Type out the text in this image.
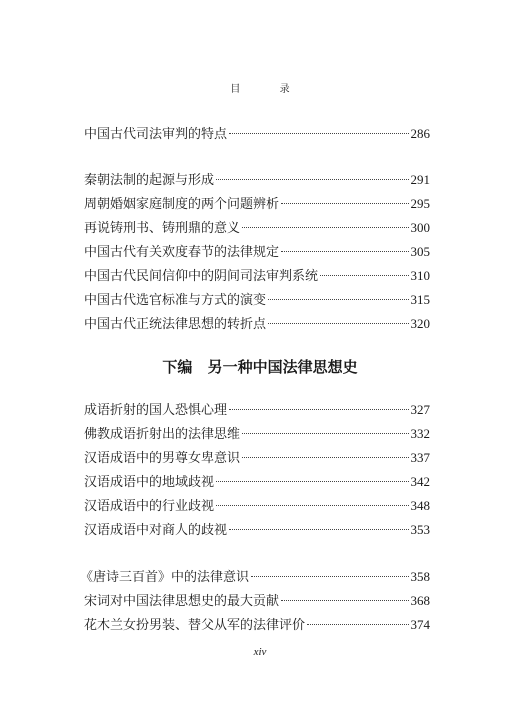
目 录
中国古代司法审判的特点	286
秦朝法制的起源与形成	291
周朝婚姻家庭制度的两个问题辨析	295
再说铸刑书、铸刑鼎的意义	300
中国古代有关欢度春节的法律规定	305
中国古代民间信仰中的阴间司法审判系统	310
中国古代选官标准与方式的演变	315
中国古代正统法律思想的转折点	320
下编 另一种中国法律思想史
成语折射的国人恐惧心理	327
佛教成语折射出的法律思维	332
汉语成语中的男尊女卑意识	337
汉语成语中的地域歧视	342
汉语成语中的行业歧视	348
汉语成语中对商人的歧视	353
《唐诗三百首》中的法律意识	358
宋词对中国法律思想史的最大贡献	368
花木兰女扮男装、替父从军的法律评价	374
xiv
